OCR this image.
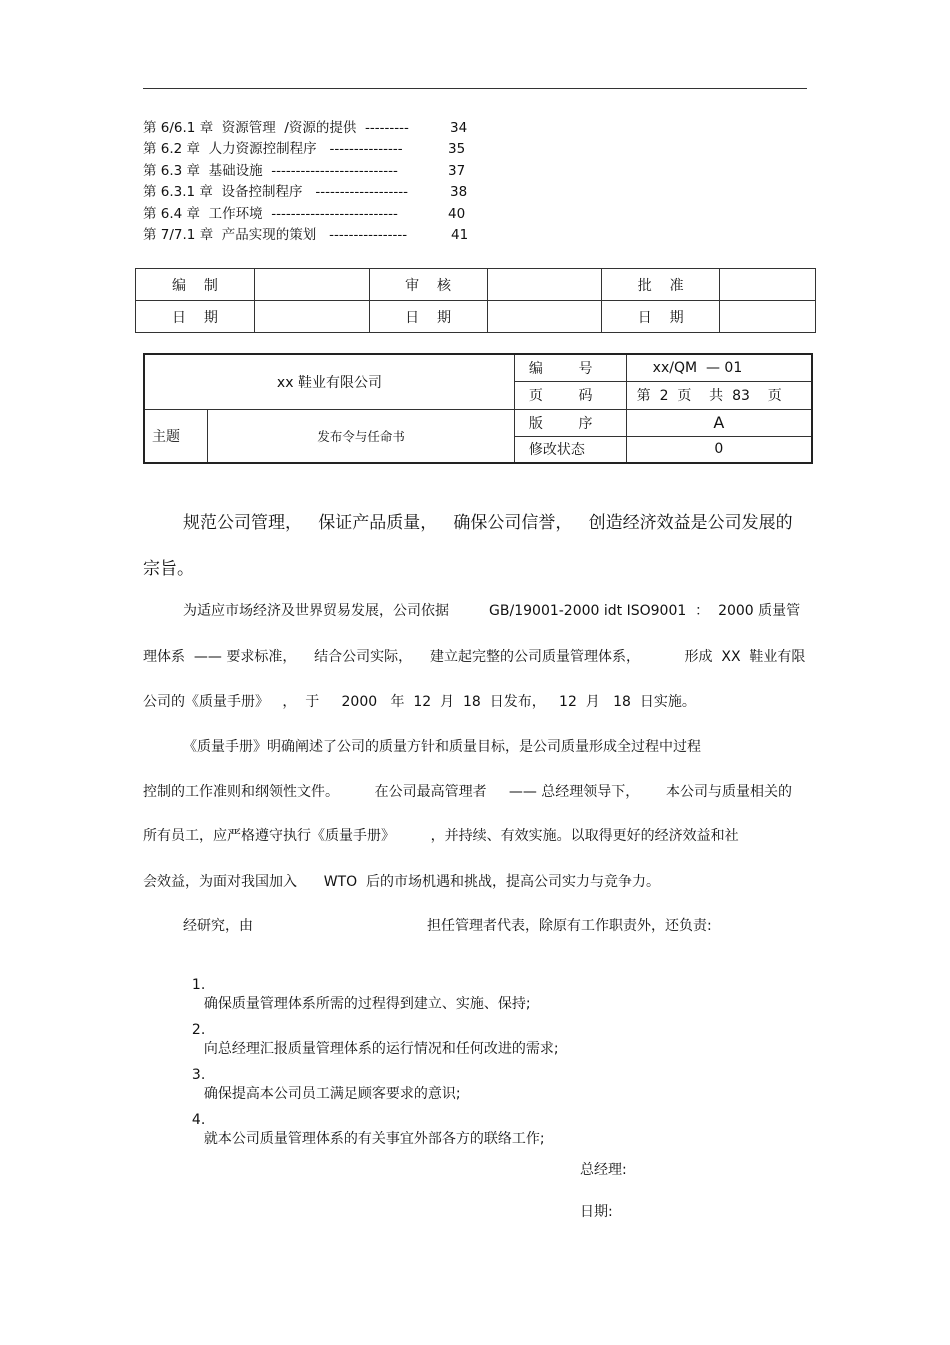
第 6/6.1 章  资源管理  /资源的提供  ---------	34
第 6.2 章  人力资源控制程序   ---------------	35
第 6.3 章  基础设施  --------------------------	37
第 6.3.1 章  设备控制程序   -------------------	38
第 6.4 章  工作环境  --------------------------	40
第 7/7.1 章  产品实现的策划   ----------------	41
编    制		审    核		批    准	
日    期		日    期		日    期	
xx 鞋业有限公司		编        号	xx/QM  — 01
		页        码	第  2  页    共  83    页
主题	发布令与任命书	版        序	A
		修改状态	0
规范公司管理，   保证产品质量，   确保公司信誉，   创造经济效益是公司发展的
宗旨。
为适应市场经济及世界贸易发展，公司依据         GB/19001-2000 idt ISO9001  ：  2000 质量管
理体系  —— 要求标准，    结合公司实际，    建立起完整的公司质量管理体系，          形成  XX  鞋业有限
公司的《质量手册》   ，  于     2000   年  12  月  18  日发布，   12  月   18  日实施。
《质量手册》明确阐述了公司的质量方针和质量目标，是公司质量形成全过程中过程
控制的工作准则和纲领性文件。        在公司最高管理者     —— 总经理领导下，      本公司与质量相关的
所有员工，应严格遵守执行《质量手册》        ，并持续、有效实施。以取得更好的经济效益和社
会效益，为面对我国加入      WTO  后的市场机遇和挑战，提高公司实力与竞争力。
经研究，由	担任管理者代表，除原有工作职责外，还负责:

1.
确保质量管理体系所需的过程得到建立、实施、保持;

2.
向总经理汇报质量管理体系的运行情况和任何改进的需求;

3.
确保提高本公司员工满足顾客要求的意识;

4.
就本公司质量管理体系的有关事宜外部各方的联络工作;

总经理:
日期:
